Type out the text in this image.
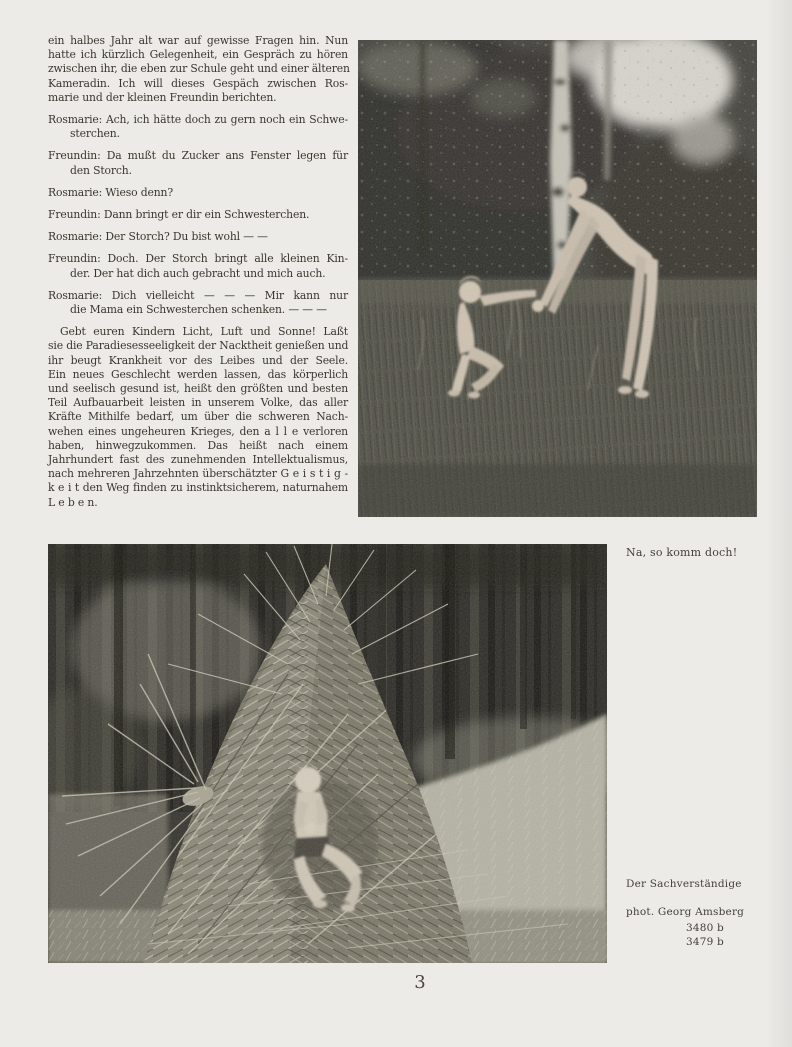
ein halbes Jahr alt war auf gewisse Fragen hin. Nun
hatte ich kürzlich Gelegenheit, ein Gespräch zu hören
zwischen ihr, die eben zur Schule geht und einer älteren
Kameradin. Ich will dieses Gespäch zwischen Ros-
marie und der kleinen Freundin berichten.
Rosmarie: Ach, ich hätte doch zu gern noch ein Schwe-
sterchen.
Freundin: Da mußt du Zucker ans Fenster legen für
den Storch.
Rosmarie: Wieso denn?
Freundin: Dann bringt er dir ein Schwesterchen.
Rosmarie: Der Storch? Du bist wohl — —
Freundin: Doch. Der Storch bringt alle kleinen Kin-
der. Der hat dich auch gebracht und mich auch.
Rosmarie: Dich vielleicht — — — Mir kann nur
die Mama ein Schwesterchen schenken. — — —
Gebt euren Kindern Licht, Luft und Sonne! Laßt
sie die Paradiesesseeligkeit der Nacktheit genießen und
ihr beugt Krankheit vor des Leibes und der Seele.
Ein neues Geschlecht werden lassen, das körperlich
und seelisch gesund ist, heißt den größten und besten
Teil Aufbauarbeit leisten in unserem Volke, das aller
Kräfte Mithilfe bedarf, um über die schweren Nach-
wehen eines ungeheuren Krieges, den a l l e verloren
haben, hinwegzukommen. Das heißt nach einem
Jahrhundert fast des zunehmenden Intellektualismus,
nach mehreren Jahrzehnten überschätzter G e i s t i g -
k e i t den Weg finden zu instinktsicherem, naturnahem
L e b e n.
Na, so komm doch!
Der Sachverständige
phot. Georg Amsberg
3480 b
3479 b
3
